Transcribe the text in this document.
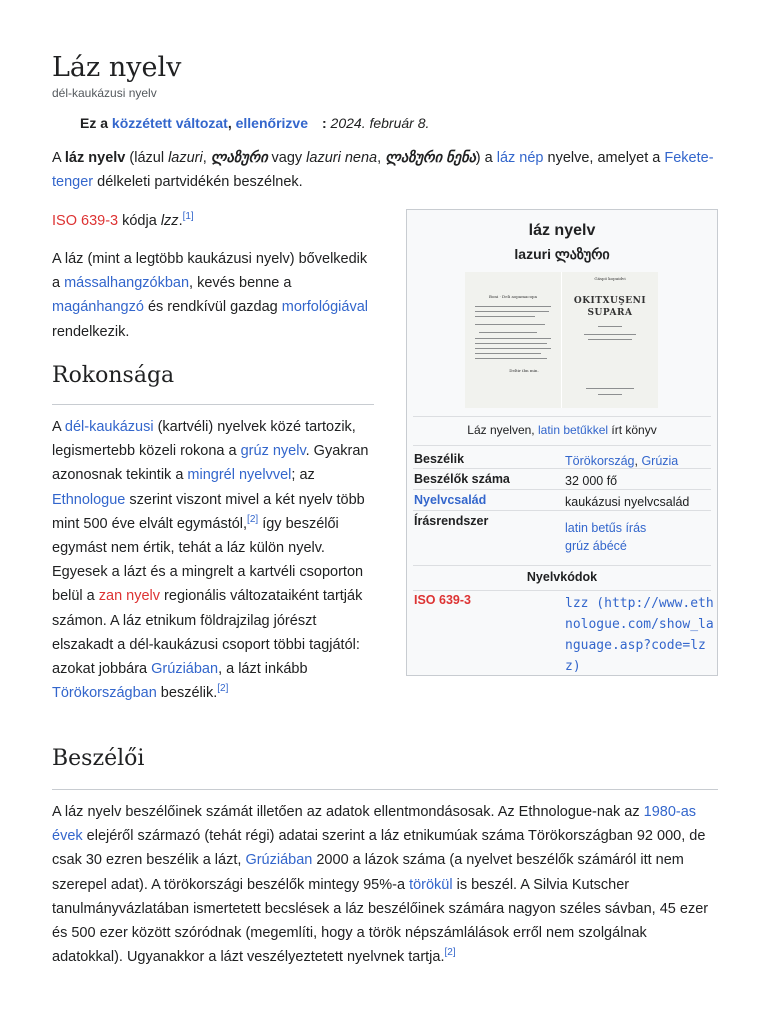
Láz nyelv
dél-kaukázusi nyelv
Ez a közzétett változat, ellenőrizve : 2024. február 8.

A láz nyelv (lázul lazuri, ლაზური vagy lazuri nena, ლაზური ნენა) a láz nép nyelve, amelyet a Fekete-tenger délkeleti partvidékén beszélnek.

ISO 639-3 kódja lzz.[1]

A láz (mint a legtöbb kaukázusi nyelv) bővelkedik a mássalhangzókban, kevés benne a magánhangzó és rendkívül gazdag morfológiával rendelkezik.

Rokonsága

A dél-kaukázusi (kartvéli) nyelvek közé tartozik, legismertebb közeli rokona a grúz nyelv. Gyakran azonosnak tekintik a mingrél nyelvvel; az Ethnologue szerint viszont mivel a két nyelv több mint 500 éve elvált egymástól,[2] így beszélői egymást nem értik, tehát a láz külön nyelv. Egyesek a lázt és a mingrelt a kartvéli csoporton belül a zan nyelv regionális változataiként tartják számon. A láz etnikum földrajzilag jórészt elszakadt a dél-kaukázusi csoport többi tagjától: azokat jobbára Grúziában, a lázt inkább Törökországban beszélik.[2]

Beszélői

A láz nyelv beszélőinek számát illetően az adatok ellentmondásosak. Az Ethnologue-nak az 1980-as évek elejéről származó (tehát régi) adatai szerint a láz etnikumúak száma Törökországban 92 000, de csak 30 ezren beszélik a lázt, Grúziában 2000 a lázok száma (a nyelvet beszélők számáról itt nem szerepel adat). A törökországi beszélők mintegy 95%-a törökül is beszél. A Silvia Kutscher tanulmányvázlatában ismertetett becslések a láz beszélőinek számára nagyon széles sávban, 45 ezer és 500 ezer között szóródnak (megemlíti, hogy a török népszámlálások erről nem szolgálnak adatokkal). Ugyanakkor a lázt veszélyeztetett nyelvnek tartja.[2]

láz nyelv
lazuri ლაზური
Boni · Deli aopamacopa
Deltir ibn min.
Gáspó kopuidvi
OKITXUŞENI
SUPARA
Láz nyelven, latin betűkkel írt könyv
Beszélik	Törökország, Grúzia
Beszélők száma	32 000 fő
Nyelvcsalád	kaukázusi nyelvcsalád
Írásrendszer	latin betűs írás
grúz ábécé
Nyelvkódok
ISO 639-3	lzz (http://www.ethnologue.com/show_language.asp?code=lzz)
